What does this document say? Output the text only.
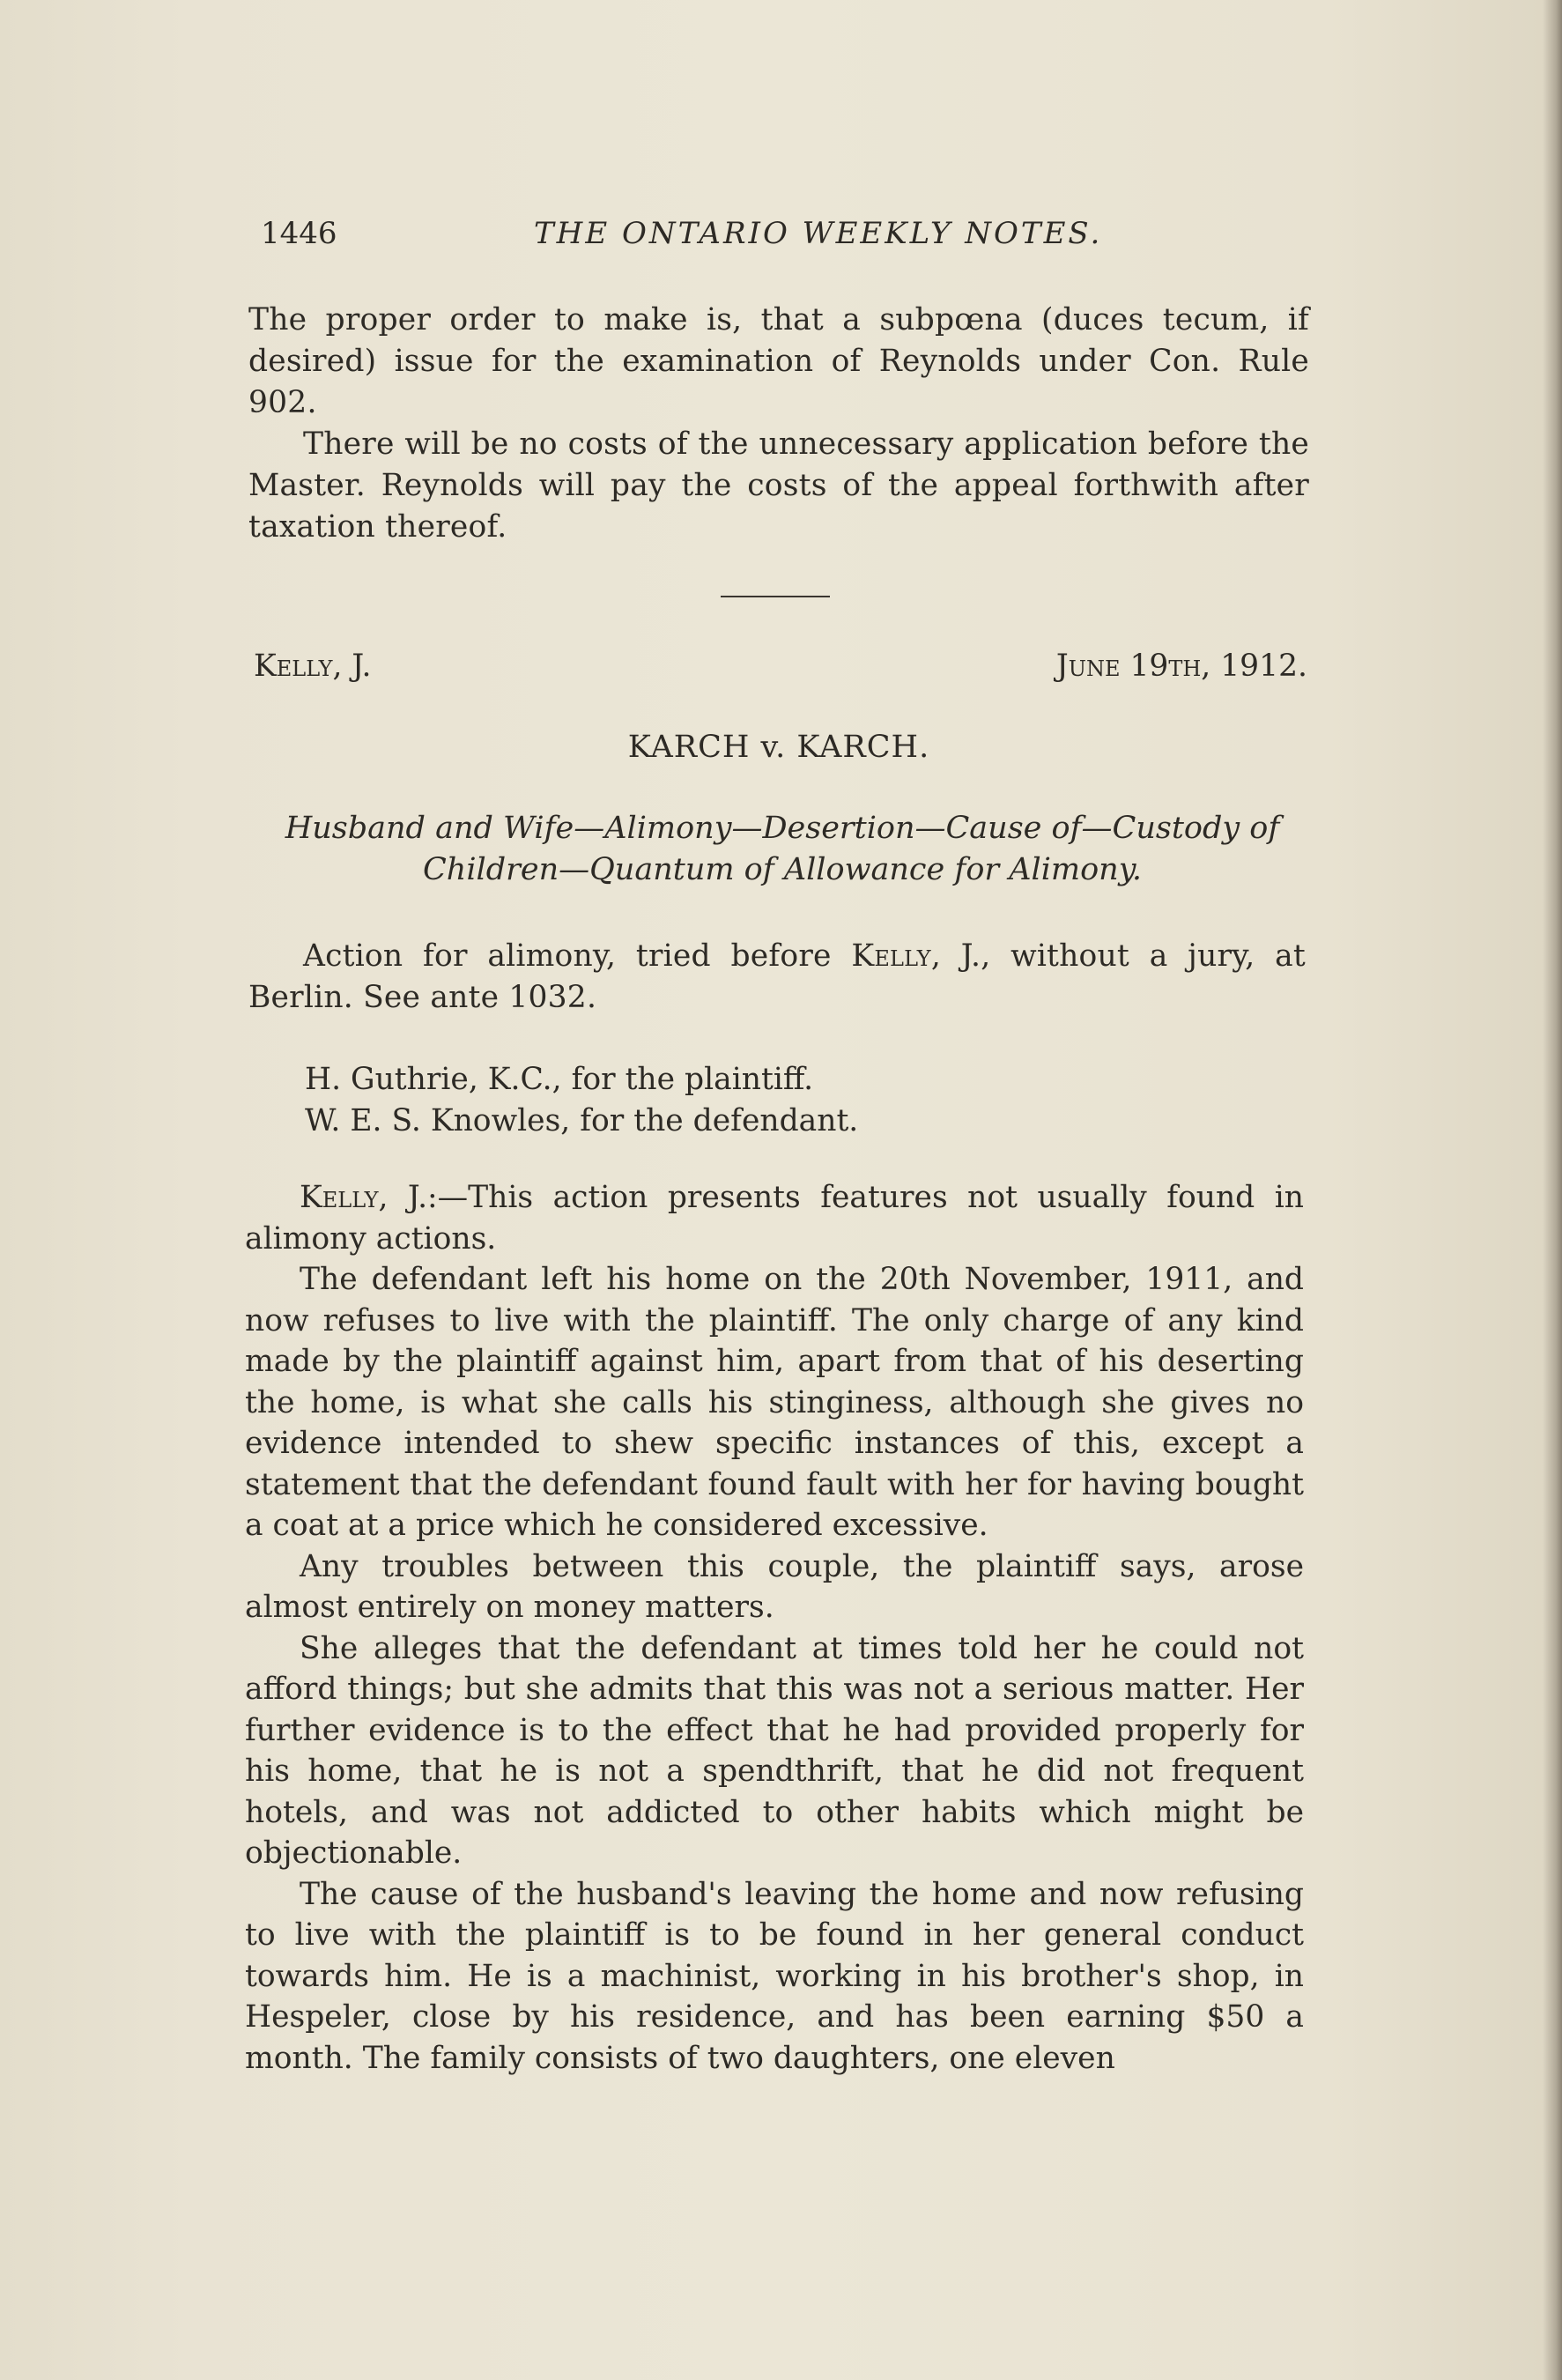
1446	THE ONTARIO WEEKLY NOTES.

The proper order to make is, that a subpœna (duces tecum, if desired) issue for the examination of Reynolds under Con. Rule 902.

There will be no costs of the unnecessary application before the Master. Reynolds will pay the costs of the appeal forthwith after taxation thereof.

Kelly, J.	June 19th, 1912.
KARCH v. KARCH.
Husband and Wife—Alimony—Desertion—Cause of—Custody of Children—Quantum of Allowance for Alimony.

Action for alimony, tried before Kelly, J., without a jury, at Berlin. See ante 1032.

H. Guthrie, K.C., for the plaintiff.
W. E. S. Knowles, for the defendant.

Kelly, J.:—This action presents features not usually found in alimony actions.

The defendant left his home on the 20th November, 1911, and now refuses to live with the plaintiff. The only charge of any kind made by the plaintiff against him, apart from that of his deserting the home, is what she calls his stinginess, although she gives no evidence intended to shew specific instances of this, except a statement that the defendant found fault with her for having bought a coat at a price which he considered excessive.

Any troubles between this couple, the plaintiff says, arose almost entirely on money matters.

She alleges that the defendant at times told her he could not afford things; but she admits that this was not a serious matter. Her further evidence is to the effect that he had provided properly for his home, that he is not a spendthrift, that he did not frequent hotels, and was not addicted to other habits which might be objectionable.

The cause of the husband's leaving the home and now refusing to live with the plaintiff is to be found in her general conduct towards him. He is a machinist, working in his brother's shop, in Hespeler, close by his residence, and has been earning $50 a month. The family consists of two daughters, one eleven
